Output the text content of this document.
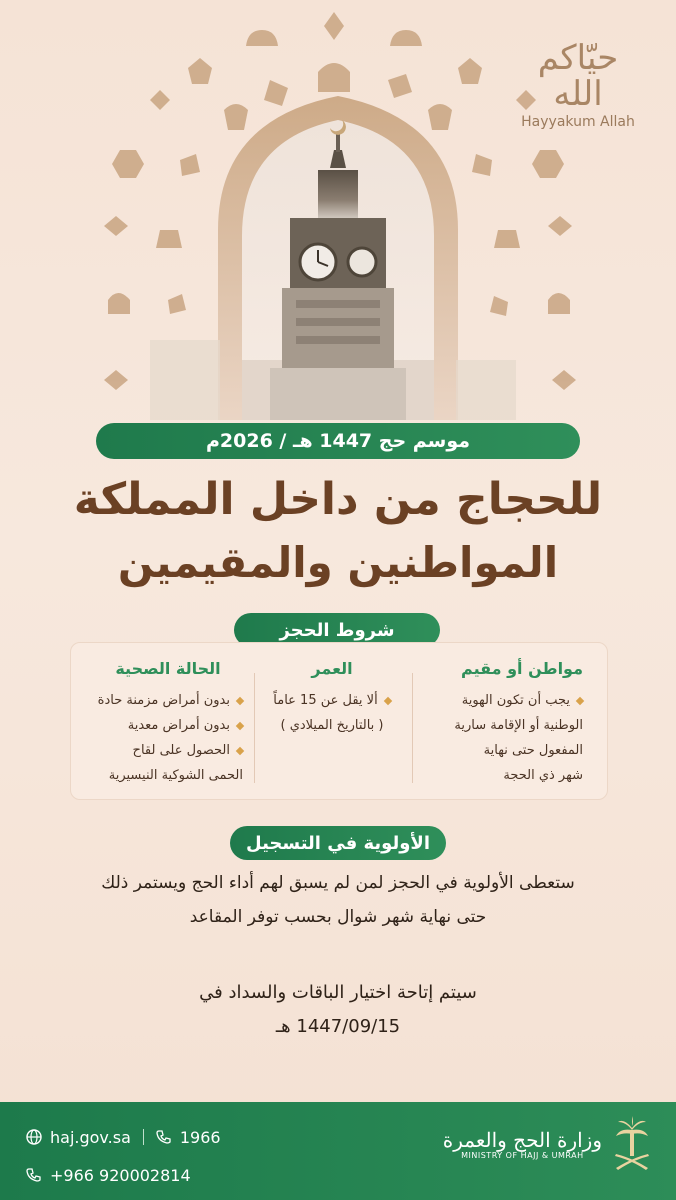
حيّاكم الله
Hayyakum Allah
موسم حج 1447 هـ / 2026م
للحجاج من داخل المملكة
المواطنين والمقيمين
شروط الحجز
مواطن أو مقيم
يجب أن تكون الهوية
الوطنية أو الإقامة سارية
المفعول حتى نهاية
شهر ذي الحجة
العمر
ألا يقل عن 15 عاماً
( بالتاريخ الميلادي )
الحالة الصحية
بدون أمراض مزمنة حادة
بدون أمراض معدية
الحصول على لقاح
الحمى الشوكية النيسيرية
الأولوية في التسجيل
ستعطى الأولوية في الحجز لمن لم يسبق لهم أداء الحج ويستمر ذلك
حتى نهاية شهر شوال بحسب توفر المقاعد
سيتم إتاحة اختيار الباقات والسداد في
1447/09/15 هـ
haj.gov.sa	1966
+966 920002814
وزارة الحج والعمرة
MINISTRY OF HAJJ & UMRAH
